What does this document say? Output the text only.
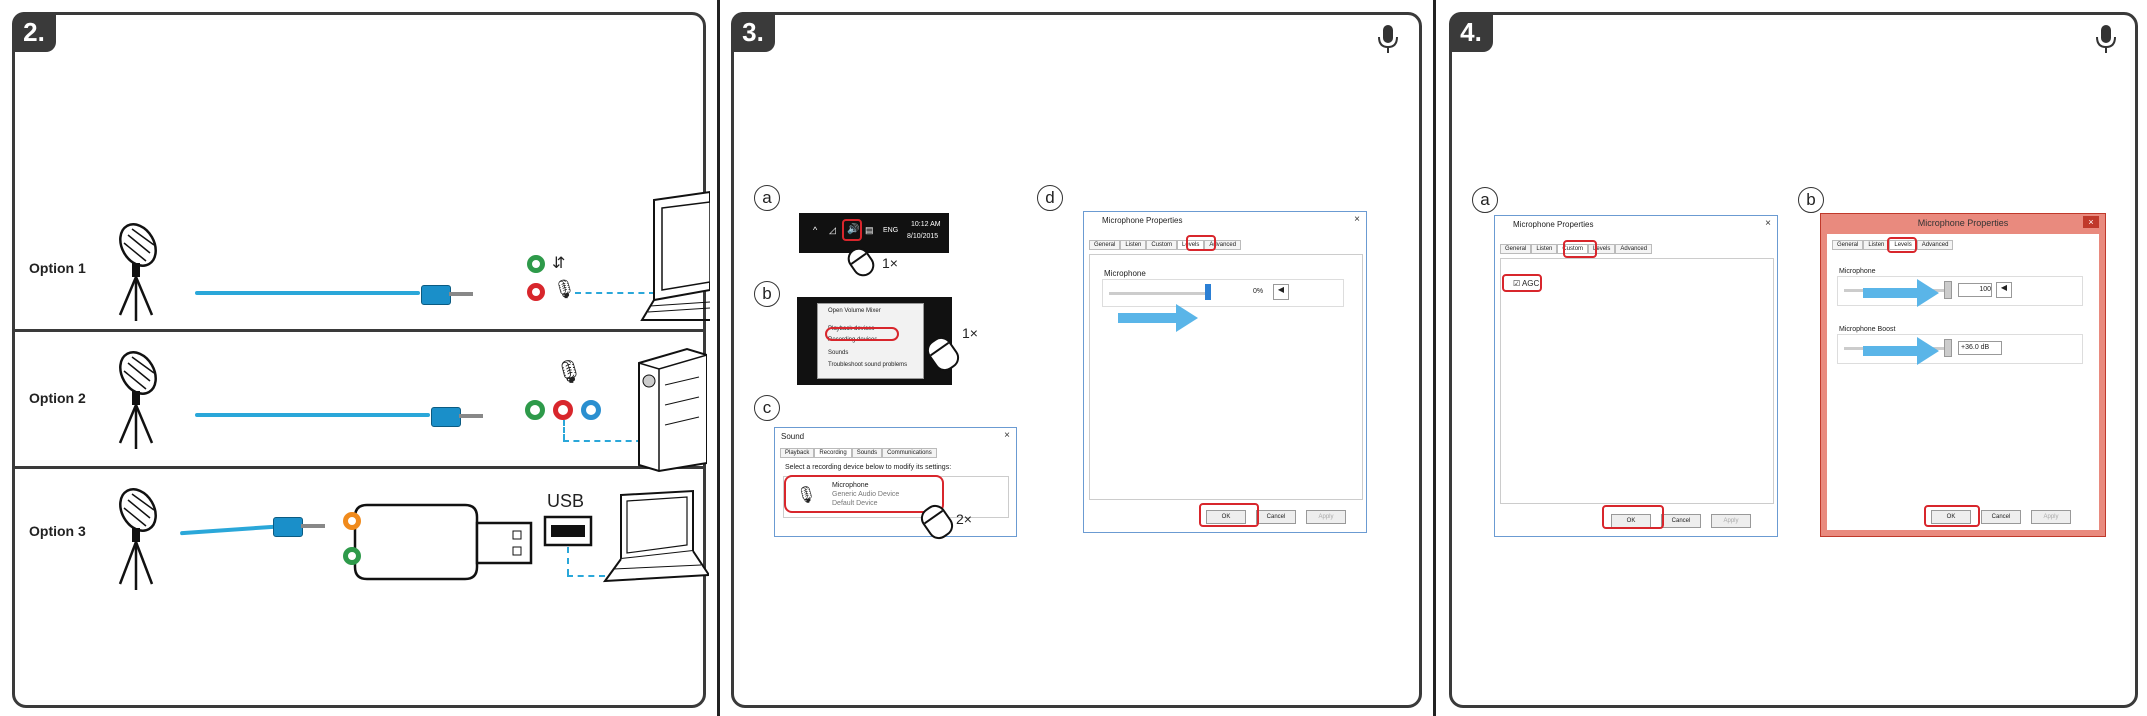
2.
Option 1	⇵
🎙
Option 2
🎙
Option 3
USB
3.
a
^ ◿ 🔊 ▤ ENG
10:12 AM
8/10/2015
1×
b
Open Volume Mixer
Playback devices
Recording devices
Sounds
Troubleshoot sound problems
1×
c
Sound	×
Playback	Recording	Sounds	Communications
Select a recording device below to modify its settings:
🎙
Microphone
Generic Audio Device
Default Device
2×
d
Microphone Properties	×
General	Listen	Custom	Levels	Advanced
Microphone
0%	◀
OK	Cancel	Apply
4.
a
Microphone Properties	×
General	Listen	Custom	Levels	Advanced
☑ AGC
OK	Cancel	Apply
b
Microphone Properties	×
General	Listen	Levels	Advanced
Microphone
100	◀
Microphone Boost
+36.0 dB
OK	Cancel	Apply
